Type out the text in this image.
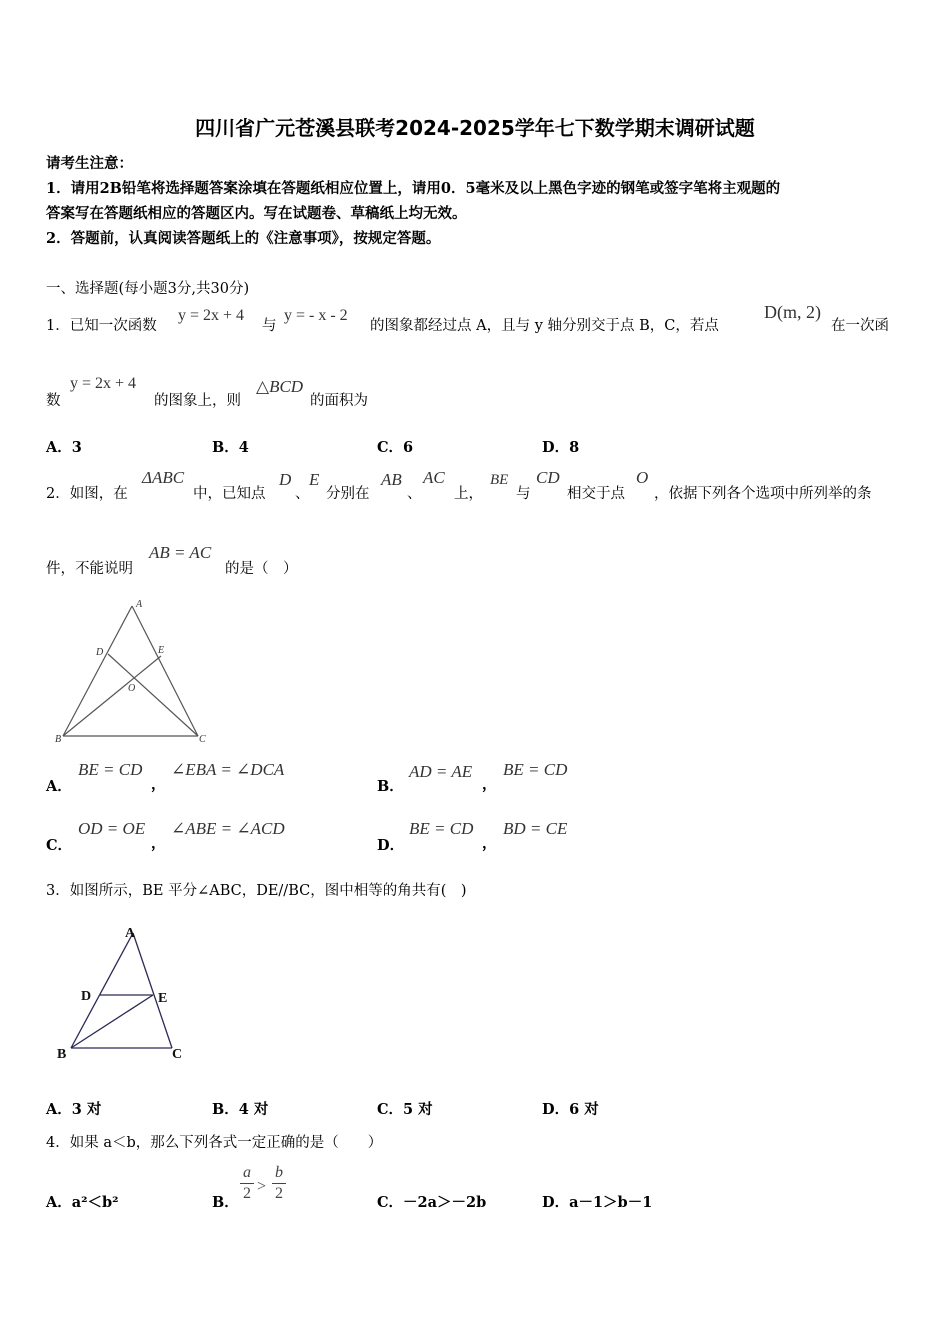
四川省广元苍溪县联考2024-2025学年七下数学期末调研试题
请考生注意：
1．请用2B铅笔将选择题答案涂填在答题纸相应位置上，请用0．5毫米及以上黑色字迹的钢笔或签字笔将主观题的
答案写在答题纸相应的答题区内。写在试题卷、草稿纸上均无效。
2．答题前，认真阅读答题纸上的《注意事项》，按规定答题。
一、选择题(每小题3分,共30分)
1．已知一次函数
y = 2x + 4
与
y = - x - 2
的图象都经过点 A，且与 y 轴分别交于点 B，C，若点
D(m, 2)
在一次函
数
y = 2x + 4
的图象上，则
△BCD
的面积为
A．3	B．4	C．6	D．8
2．如图，在
ΔABC
中，已知点
D
、
E
分别在
AB
、
AC
上，
BE
与
CD
相交于点
O
，依据下列各个选项中所列举的条
件，不能说明
AB = AC
的是（　）
A
D	E
O
B	C
A．
BE = CD
，
∠EBA = ∠DCA
B．
AD = AE
，
BE = CD
C．
OD = OE
，
∠ABE = ∠ACD
D．
BE = CD
，
BD = CE
3．如图所示，BE 平分∠ABC，DE//BC，图中相等的角共有(　)
A
D	E
B	C
A．3 对	B．4 对	C．5 对	D．6 对
4．如果 a＜b，那么下列各式一定正确的是（　　）
A．a²＜b²	B．
a
2 >
b
2
C．－2a＞－2b	D．a－1＞b－1
